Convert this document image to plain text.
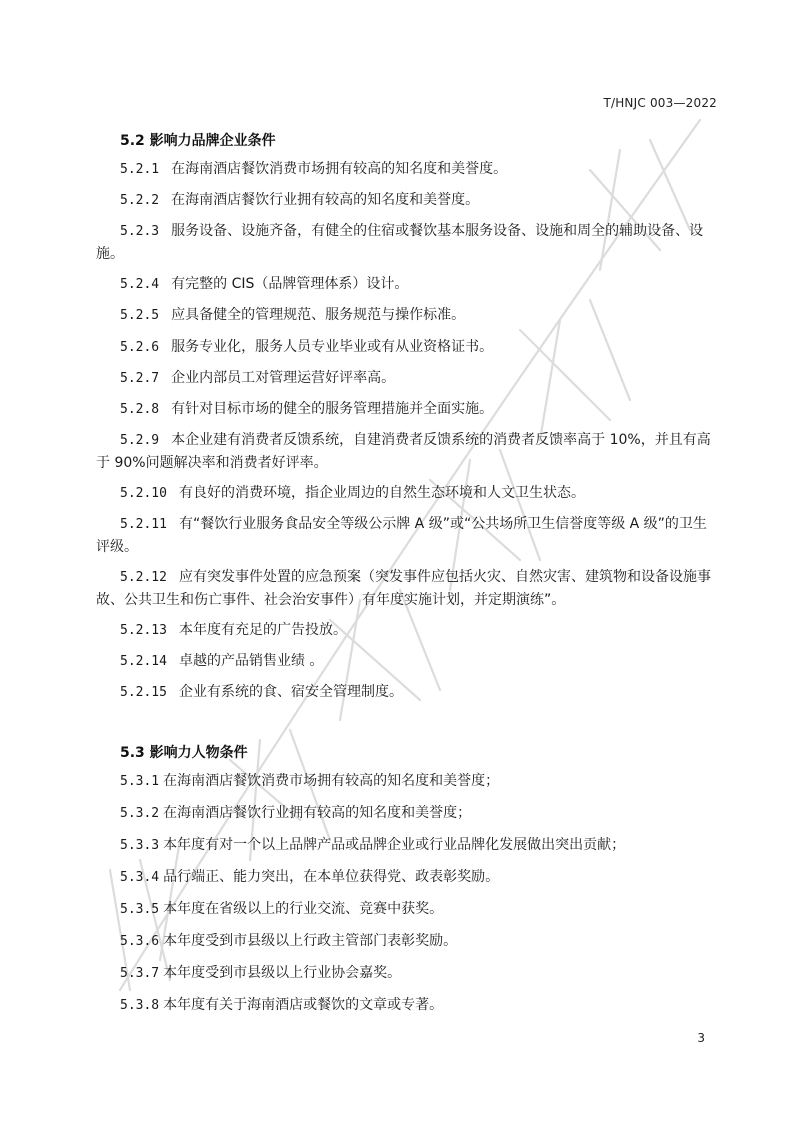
T/HNJC 003—2022
5.2 影响力品牌企业条件
5.2.1 在海南酒店餐饮消费市场拥有较高的知名度和美誉度。
5.2.2 在海南酒店餐饮行业拥有较高的知名度和美誉度。
5.2.3 服务设备、设施齐备，有健全的住宿或餐饮基本服务设备、设施和周全的辅助设备、设施。
5.2.4 有完整的 CIS（品牌管理体系）设计。
5.2.5 应具备健全的管理规范、服务规范与操作标准。
5.2.6 服务专业化，服务人员专业毕业或有从业资格证书。
5.2.7 企业内部员工对管理运营好评率高。
5.2.8 有针对目标市场的健全的服务管理措施并全面实施。
5.2.9 本企业建有消费者反馈系统，自建消费者反馈系统的消费者反馈率高于 10%，并且有高于 90%问题解决率和消费者好评率。
5.2.10 有良好的消费环境，指企业周边的自然生态环境和人文卫生状态。
5.2.11 有“餐饮行业服务食品安全等级公示牌 A 级”或“公共场所卫生信誉度等级 A 级”的卫生评级。
5.2.12 应有突发事件处置的应急预案（突发事件应包括火灾、自然灾害、建筑物和设备设施事故、公共卫生和伤亡事件、社会治安事件）有年度实施计划，并定期演练”。
5.2.13 本年度有充足的广告投放。
5.2.14 卓越的产品销售业绩 。
5.2.15 企业有系统的食、宿安全管理制度。
5.3 影响力人物条件
5.3.1 在海南酒店餐饮消费市场拥有较高的知名度和美誉度；
5.3.2 在海南酒店餐饮行业拥有较高的知名度和美誉度；
5.3.3 本年度有对一个以上品牌产品或品牌企业或行业品牌化发展做出突出贡献；
5.3.4 品行端正、能力突出，在本单位获得党、政表彰奖励。
5.3.5 本年度在省级以上的行业交流、竞赛中获奖。
5.3.6 本年度受到市县级以上行政主管部门表彰奖励。
5.3.7 本年度受到市县级以上行业协会嘉奖。
5.3.8 本年度有关于海南酒店或餐饮的文章或专著。
3
